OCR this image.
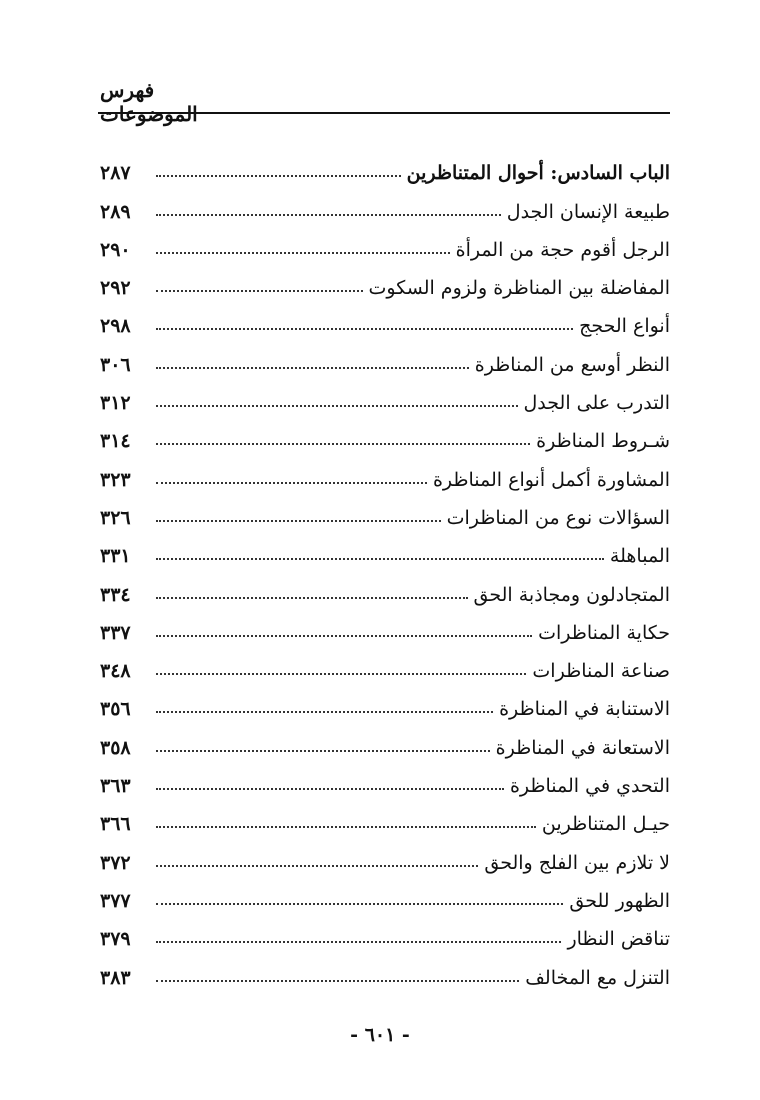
فهرس الموضوعات
الباب السادس: أحوال المتناظرين
٢٨٧
طبيعة الإنسان الجدل
٢٨٩
الرجل أقوم حجة من المرأة
٢٩٠
المفاضلة بين المناظرة ولزوم السكوت
٢٩٢
أنواع الحجج
٢٩٨
النظر أوسع من المناظرة
٣٠٦
التدرب على الجدل
٣١٢
شـروط المناظرة
٣١٤
المشاورة أكمل أنواع المناظرة
٣٢٣
السؤالات نوع من المناظرات
٣٢٦
المباهلة
٣٣١
المتجادلون ومجاذبة الحق
٣٣٤
حكاية المناظرات
٣٣٧
صناعة المناظرات
٣٤٨
الاستنابة في المناظرة
٣٥٦
الاستعانة في المناظرة
٣٥٨
التحدي في المناظرة
٣٦٣
حيـل المتناظرين
٣٦٦
لا تلازم بين الفلج والحق
٣٧٢
الظهور للحق
٣٧٧
تناقض النظار
٣٧٩
التنزل مع المخالف
٣٨٣
- ٦٠١ -
